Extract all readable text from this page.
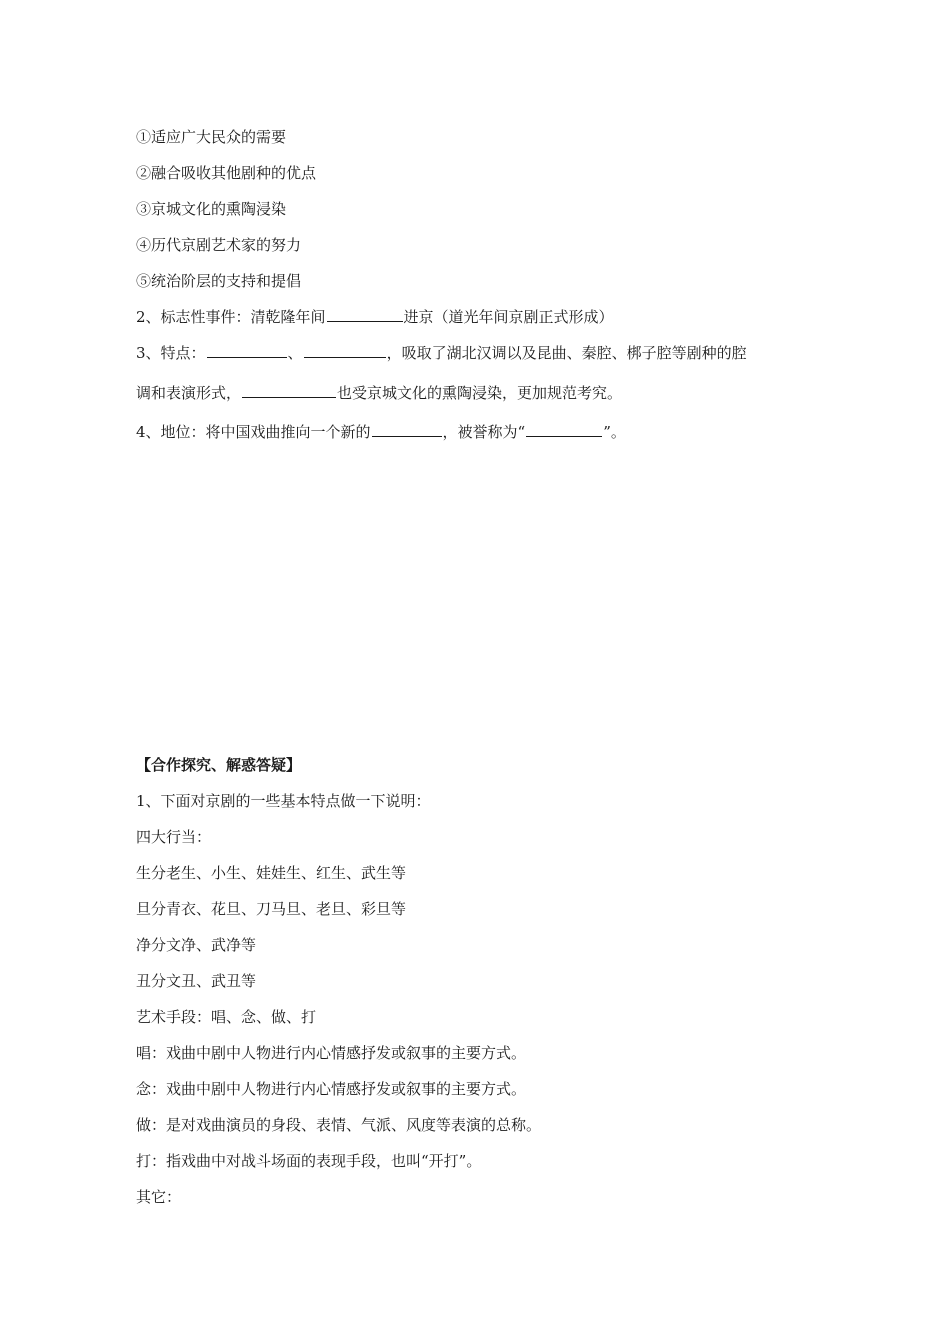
①适应广大民众的需要
②融合吸收其他剧种的优点
③京城文化的熏陶浸染
④历代京剧艺术家的努力
⑤统治阶层的支持和提倡
2、标志性事件：清乾隆年间	进京（道光年间京剧正式形成）
3、特点：	、	，吸取了湖北汉调以及昆曲、秦腔、梆子腔等剧种的腔
调和表演形式，	也受京城文化的熏陶浸染，更加规范考究。
4、地位：将中国戏曲推向一个新的	，被誉称为“	”。
【合作探究、解惑答疑】
1、下面对京剧的一些基本特点做一下说明：
四大行当：
生分老生、小生、娃娃生、红生、武生等
旦分青衣、花旦、刀马旦、老旦、彩旦等
净分文净、武净等
丑分文丑、武丑等
艺术手段：唱、念、做、打
唱：戏曲中剧中人物进行内心情感抒发或叙事的主要方式。
念：戏曲中剧中人物进行内心情感抒发或叙事的主要方式。
做：是对戏曲演员的身段、表情、气派、风度等表演的总称。
打：指戏曲中对战斗场面的表现手段，也叫“开打”。
其它：
